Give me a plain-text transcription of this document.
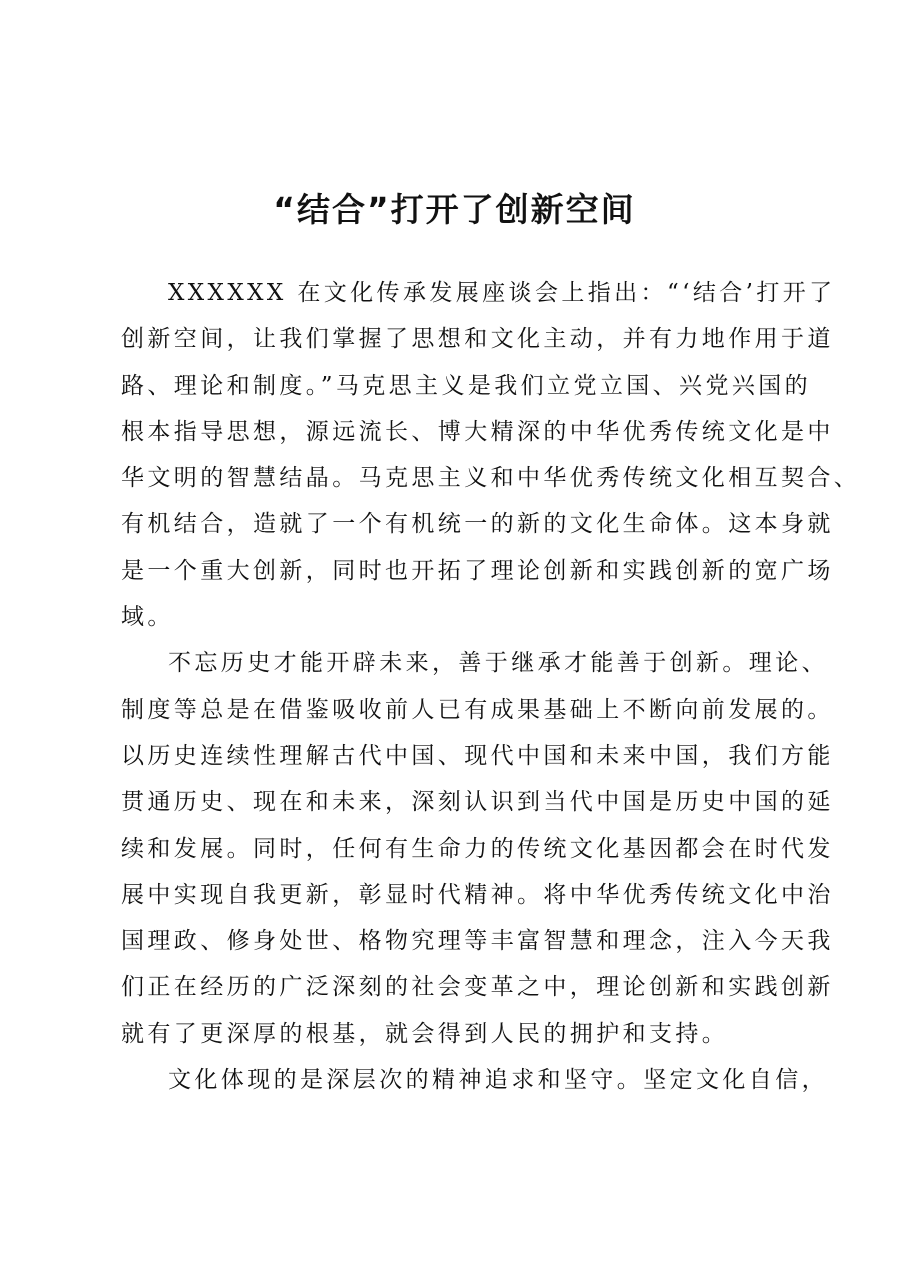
“结合”打开了创新空间
XXXXXX 在文化传承发展座谈会上指出：“‘结合’打开了
创新空间，让我们掌握了思想和文化主动，并有力地作用于道
路、理论和制度。”马克思主义是我们立党立国、兴党兴国的
根本指导思想，源远流长、博大精深的中华优秀传统文化是中
华文明的智慧结晶。马克思主义和中华优秀传统文化相互契合、
有机结合，造就了一个有机统一的新的文化生命体。这本身就
是一个重大创新，同时也开拓了理论创新和实践创新的宽广场
域。
不忘历史才能开辟未来，善于继承才能善于创新。理论、
制度等总是在借鉴吸收前人已有成果基础上不断向前发展的。
以历史连续性理解古代中国、现代中国和未来中国，我们方能
贯通历史、现在和未来，深刻认识到当代中国是历史中国的延
续和发展。同时，任何有生命力的传统文化基因都会在时代发
展中实现自我更新，彰显时代精神。将中华优秀传统文化中治
国理政、修身处世、格物究理等丰富智慧和理念，注入今天我
们正在经历的广泛深刻的社会变革之中，理论创新和实践创新
就有了更深厚的根基，就会得到人民的拥护和支持。
文化体现的是深层次的精神追求和坚守。坚定文化自信，
